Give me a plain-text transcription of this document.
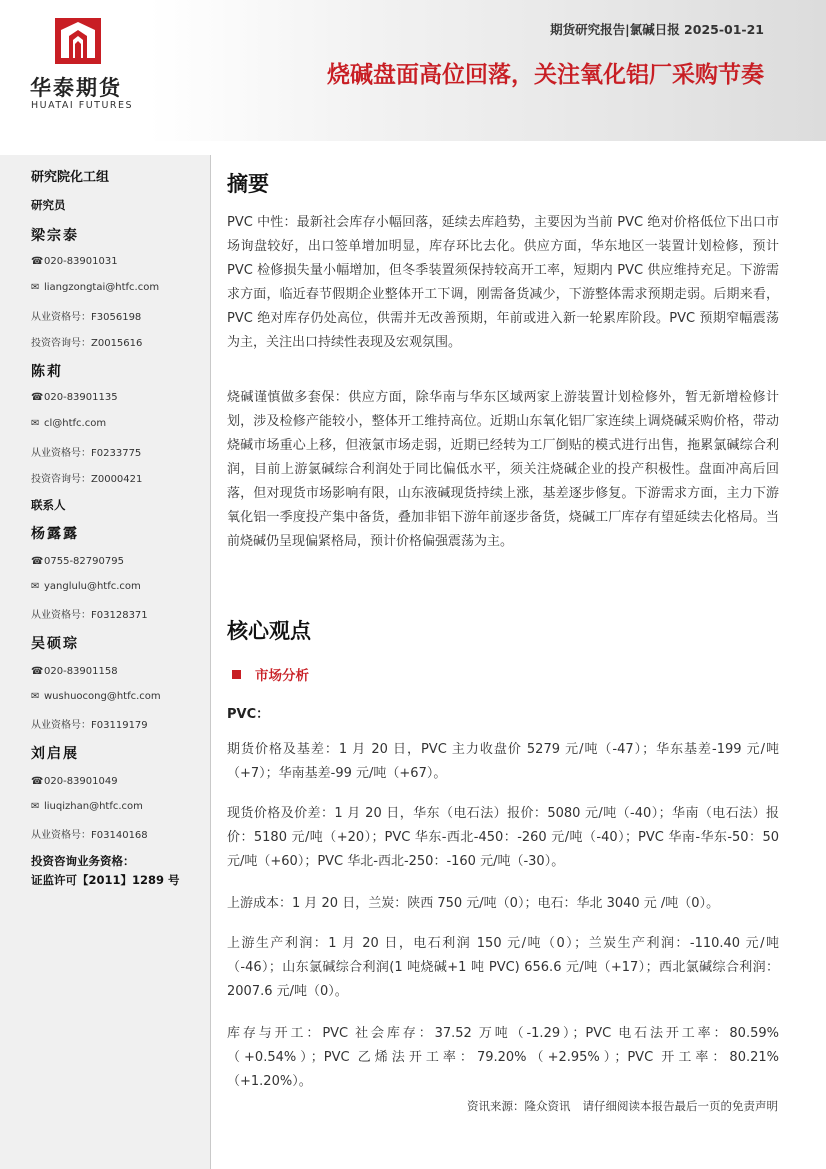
华泰期货
HUATAI FUTURES
期货研究报告|氯碱日报 2025-01-21
烧碱盘面高位回落，关注氧化铝厂采购节奏
研究院化工组
研究员
梁宗泰
☎020-83901031
✉ liangzongtai@htfc.com
从业资格号：F3056198
投资咨询号：Z0015616
陈莉
☎020-83901135
✉ cl@htfc.com
从业资格号：F0233775
投资咨询号：Z0000421
联系人
杨露露
☎0755-82790795
✉ yanglulu@htfc.com
从业资格号：F03128371
吴硕琮
☎020-83901158
✉ wushuocong@htfc.com
从业资格号：F03119179
刘启展
☎020-83901049
✉ liuqizhan@htfc.com
从业资格号：F03140168
投资咨询业务资格：
证监许可【2011】1289 号
摘要
PVC 中性：最新社会库存小幅回落，延续去库趋势，主要因为当前 PVC 绝对价格低位下出口市场询盘较好，出口签单增加明显，库存环比去化。供应方面，华东地区一装置计划检修，预计 PVC 检修损失量小幅增加，但冬季装置须保持较高开工率，短期内 PVC 供应维持充足。下游需求方面，临近春节假期企业整体开工下调，刚需备货减少，下游整体需求预期走弱。后期来看，PVC 绝对库存仍处高位，供需并无改善预期，年前或进入新一轮累库阶段。PVC 预期窄幅震荡为主，关注出口持续性表现及宏观氛围。
烧碱谨慎做多套保：供应方面，除华南与华东区域两家上游装置计划检修外，暂无新增检修计划，涉及检修产能较小，整体开工维持高位。近期山东氧化铝厂家连续上调烧碱采购价格，带动烧碱市场重心上移，但液氯市场走弱，近期已经转为工厂倒贴的模式进行出售，拖累氯碱综合利润，目前上游氯碱综合利润处于同比偏低水平，须关注烧碱企业的投产积极性。盘面冲高后回落，但对现货市场影响有限，山东液碱现货持续上涨，基差逐步修复。下游需求方面，主力下游氧化铝一季度投产集中备货，叠加非铝下游年前逐步备货，烧碱工厂库存有望延续去化格局。当前烧碱仍呈现偏紧格局，预计价格偏强震荡为主。
核心观点
市场分析
PVC：
期货价格及基差：1 月 20 日，PVC 主力收盘价 5279 元/吨（-47）；华东基差-199 元/吨（+7）；华南基差-99 元/吨（+67）。
现货价格及价差：1 月 20 日，华东（电石法）报价：5080 元/吨（-40）；华南（电石法）报价：5180 元/吨（+20）；PVC 华东-西北-450：-260 元/吨（-40）；PVC 华南-华东-50：50 元/吨（+60）；PVC 华北-西北-250：-160 元/吨（-30）。
上游成本：1 月 20 日，兰炭：陕西 750 元/吨（0）；电石：华北 3040 元 /吨（0）。
上游生产利润：1 月 20 日，电石利润 150 元/吨（0）；兰炭生产利润：-110.40 元/吨（-46）；山东氯碱综合利润(1 吨烧碱+1 吨 PVC) 656.6 元/吨（+17）；西北氯碱综合利润：2007.6 元/吨（0）。
库存与开工：PVC 社会库存：37.52 万吨（-1.29）；PVC 电石法开工率：80.59%（+0.54%）；PVC 乙烯法开工率：79.20%（+2.95%）；PVC 开工率：80.21%（+1.20%）。
资讯来源：隆众资讯 请仔细阅读本报告最后一页的免责声明
